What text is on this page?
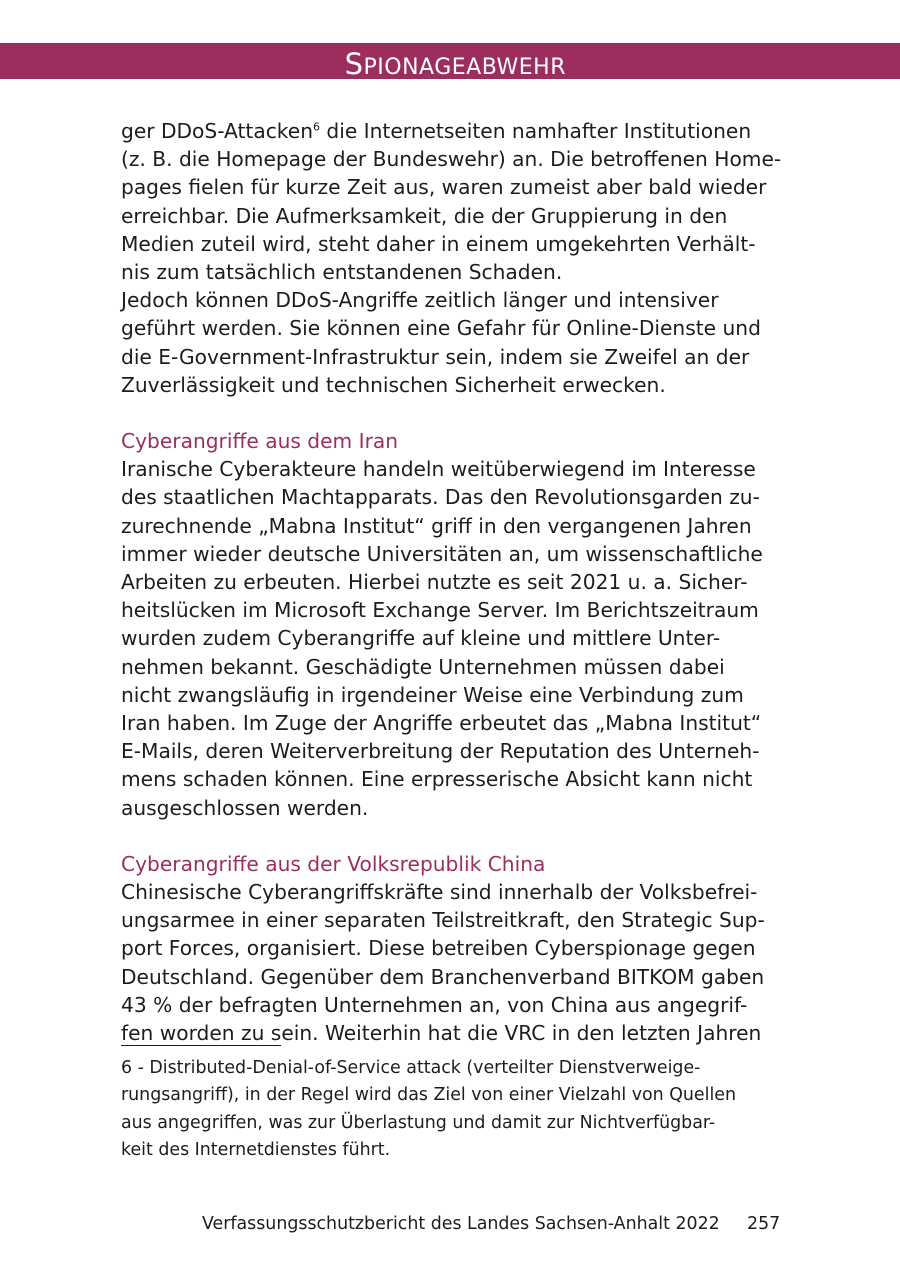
SPIONAGEABWEHR
ger DDoS-Attacken$^6$ die Internetseiten namhafter Institutionen
(z. B. die Homepage der Bundeswehr) an. Die betroffenen Home-
pages fielen für kurze Zeit aus, waren zumeist aber bald wieder
erreichbar. Die Aufmerksamkeit, die der Gruppierung in den
Medien zuteil wird, steht daher in einem umgekehrten Verhält-
nis zum tatsächlich entstandenen Schaden.
Jedoch können DDoS-Angriffe zeitlich länger und intensiver
geführt werden. Sie können eine Gefahr für Online-Dienste und
die E-Government-Infrastruktur sein, indem sie Zweifel an der
Zuverlässigkeit und technischen Sicherheit erwecken.
Cyberangriffe aus dem Iran
Iranische Cyberakteure handeln weitüberwiegend im Interesse
des staatlichen Machtapparats. Das den Revolutionsgarden zu-
zurechnende „Mabna Institut“ griff in den vergangenen Jahren
immer wieder deutsche Universitäten an, um wissenschaftliche
Arbeiten zu erbeuten. Hierbei nutzte es seit 2021 u. a. Sicher-
heitslücken im Microsoft Exchange Server. Im Berichtszeitraum
wurden zudem Cyberangriffe auf kleine und mittlere Unter-
nehmen bekannt. Geschädigte Unternehmen müssen dabei
nicht zwangsläufig in irgendeiner Weise eine Verbindung zum
Iran haben. Im Zuge der Angriffe erbeutet das „Mabna Institut“
E-Mails, deren Weiterverbreitung der Reputation des Unterneh-
mens schaden können. Eine erpresserische Absicht kann nicht
ausgeschlossen werden.
Cyberangriffe aus der Volksrepublik China
Chinesische Cyberangriffskräfte sind innerhalb der Volksbefrei-
ungsarmee in einer separaten Teilstreitkraft, den Strategic Sup-
port Forces, organisiert. Diese betreiben Cyberspionage gegen
Deutschland. Gegenüber dem Branchenverband BITKOM gaben
43 % der befragten Unternehmen an, von China aus angegrif-
fen worden zu sein. Weiterhin hat die VRC in den letzten Jahren
6 - Distributed-Denial-of-Service attack (verteilter Dienstverweige-
rungsangriff), in der Regel wird das Ziel von einer Vielzahl von Quellen
aus angegriffen, was zur Überlastung und damit zur Nichtverfügbar-
keit des Internetdienstes führt.
Verfassungsschutzbericht des Landes Sachsen-Anhalt 2022 257
